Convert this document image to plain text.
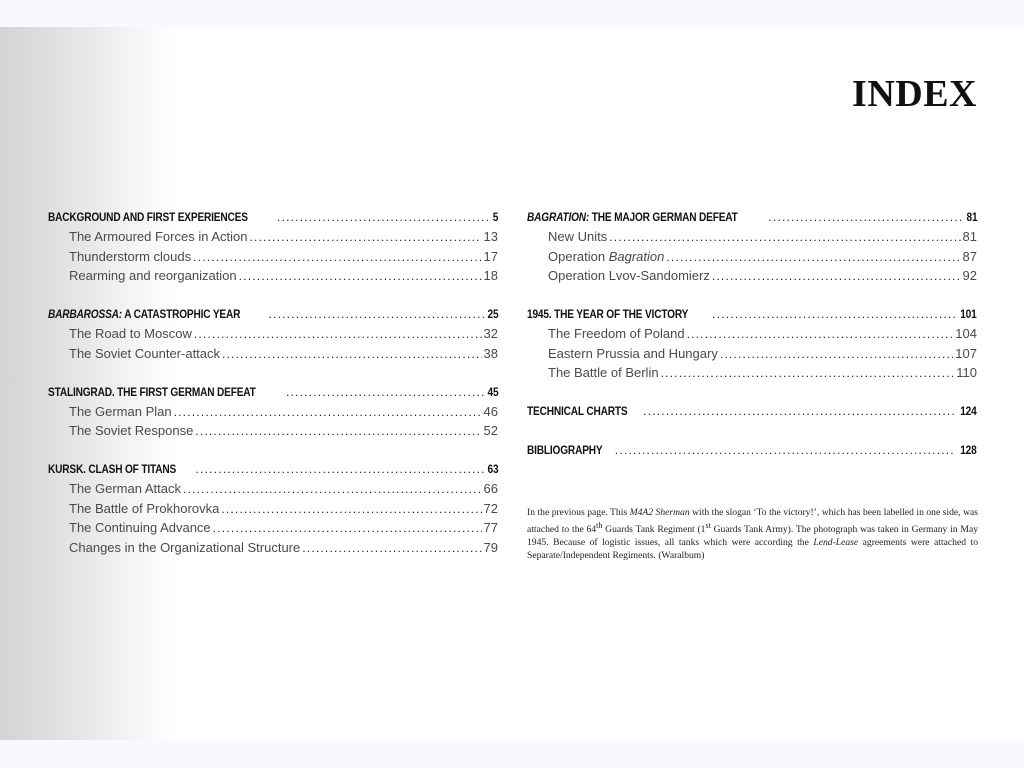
INDEX
BACKGROUND AND FIRST EXPERIENCES .....	5
The Armoured Forces in Action .....	13
Thunderstorm clouds .....	17
Rearming and reorganization .....	18
BARBAROSSA: A CATASTROPHIC YEAR .....	25
The Road to Moscow .....	32
The Soviet Counter-attack .....	38
STALINGRAD. THE FIRST GERMAN DEFEAT .....	45
The German Plan .....	46
The Soviet Response .....	52
KURSK. CLASH OF TITANS .....	63
The German Attack .....	66
The Battle of Prokhorovka .....	72
The Continuing Advance .....	77
Changes in the Organizational Structure .....	79
BAGRATION: THE MAJOR GERMAN DEFEAT .....	81
New Units .....	81
Operation Bagration .....	87
Operation Lvov-Sandomierz .....	92
1945. THE YEAR OF THE VICTORY .....	101
The Freedom of Poland .....	104
Eastern Prussia and Hungary .....	107
The Battle of Berlin .....	110
TECHNICAL CHARTS .....	124
BIBLIOGRAPHY .....	128

In the previous page. This M4A2 Sherman with the slogan ‘To the victory!’, which has been labelled in one side, was attached to the 64th Guards Tank Regiment (1st Guards Tank Army). The photograph was taken in Germany in May 1945. Because of logistic issues, all tanks which were according the Lend-Lease agreements were attached to Separate/Independent Regiments. (Waralbum)
